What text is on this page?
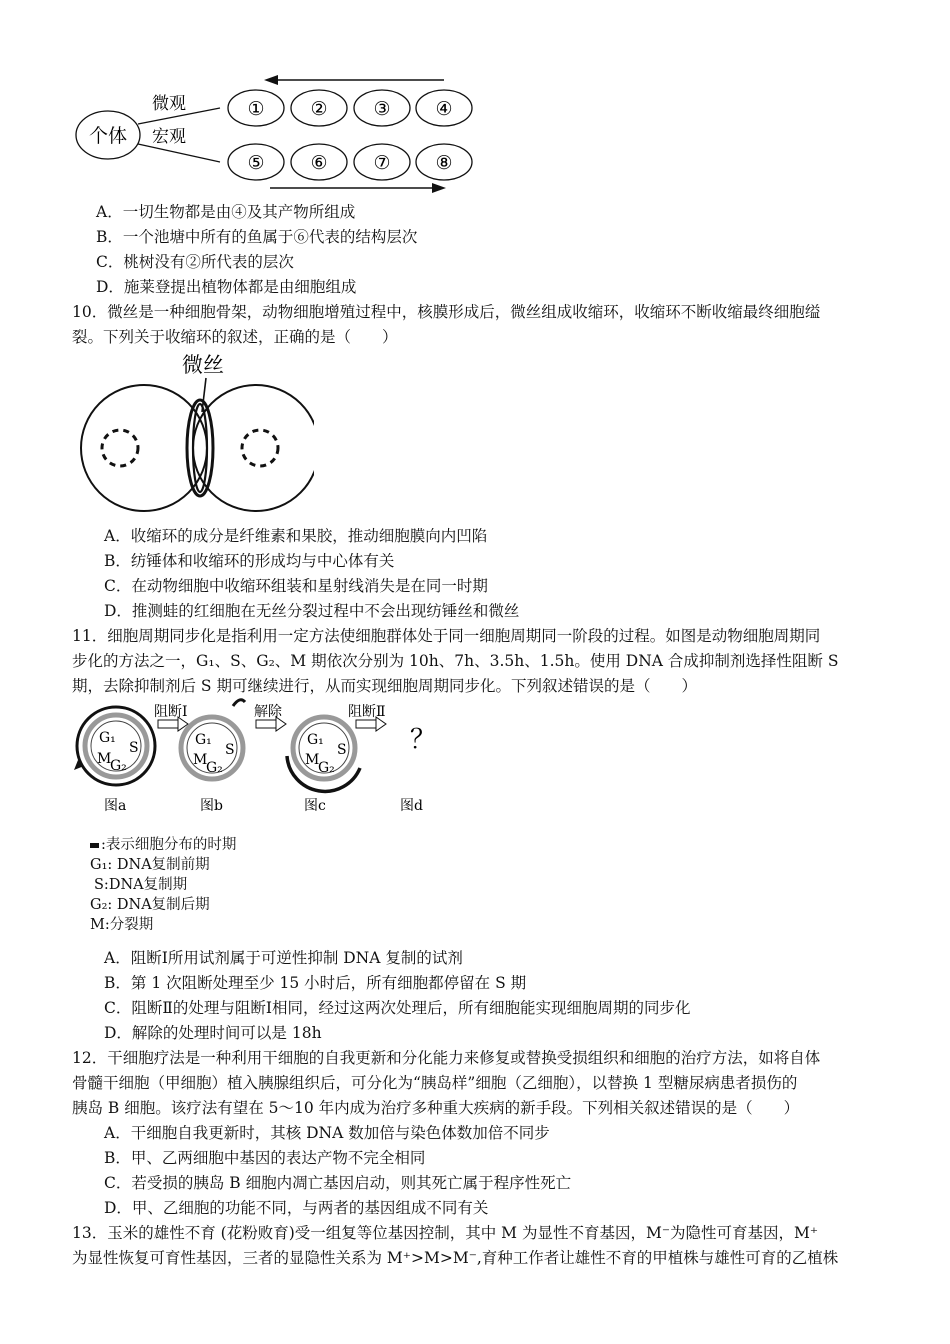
个体
微观
宏观
① ② ③ ④
⑤ ⑥ ⑦ ⑧
A．一切生物都是由④及其产物所组成
B．一个池塘中所有的鱼属于⑥代表的结构层次
C．桃树没有②所代表的层次
D．施莱登提出植物体都是由细胞组成
10．微丝是一种细胞骨架，动物细胞增殖过程中，核膜形成后，微丝组成收缩环，收缩环不断收缩最终细胞缢
裂。下列关于收缩环的叙述，正确的是（　　）
微丝
A．收缩环的成分是纤维素和果胶，推动细胞膜向内凹陷
B．纺锤体和收缩环的形成均与中心体有关
C．在动物细胞中收缩环组装和星射线消失是在同一时期
D．推测蛙的红细胞在无丝分裂过程中不会出现纺锤丝和微丝
11．细胞周期同步化是指利用一定方法使细胞群体处于同一细胞周期同一阶段的过程。如图是动物细胞周期同
步化的方法之一，G₁、S、G₂、M 期依次分别为 10h、7h、3.5h、1.5h。使用 DNA 合成抑制剂选择性阻断 S
期，去除抑制剂后 S 期可继续进行，从而实现细胞周期同步化。下列叙述错误的是（　　）
G₁
S
M
G₂
阻断Ⅰ
G₁
S
M
G₂
解除
G₁
S
M
G₂
阻断Ⅱ
？
图a	图b	图c	图d
:表示细胞分布的时期
G₁: DNA复制前期
S:DNA复制期
G₂: DNA复制后期
M:分裂期
A．阻断Ⅰ所用试剂属于可逆性抑制 DNA 复制的试剂
B．第 1 次阻断处理至少 15 小时后，所有细胞都停留在 S 期
C．阻断Ⅱ的处理与阻断Ⅰ相同，经过这两次处理后，所有细胞能实现细胞周期的同步化
D．解除的处理时间可以是 18h
12．干细胞疗法是一种利用干细胞的自我更新和分化能力来修复或替换受损组织和细胞的治疗方法，如将自体
骨髓干细胞（甲细胞）植入胰腺组织后，可分化为“胰岛样”细胞（乙细胞），以替换 1 型糖尿病患者损伤的
胰岛 B 细胞。该疗法有望在 5～10 年内成为治疗多种重大疾病的新手段。下列相关叙述错误的是（　　）
A．干细胞自我更新时，其核 DNA 数加倍与染色体数加倍不同步
B．甲、乙两细胞中基因的表达产物不完全相同
C．若受损的胰岛 B 细胞内凋亡基因启动，则其死亡属于程序性死亡
D．甲、乙细胞的功能不同，与两者的基因组成不同有关
13．玉米的雄性不育 (花粉败育)受一组复等位基因控制，其中 M 为显性不育基因，M⁻为隐性可育基因，M⁺
为显性恢复可育性基因，三者的显隐性关系为 M⁺>M>M⁻,育种工作者让雄性不育的甲植株与雄性可育的乙植株
